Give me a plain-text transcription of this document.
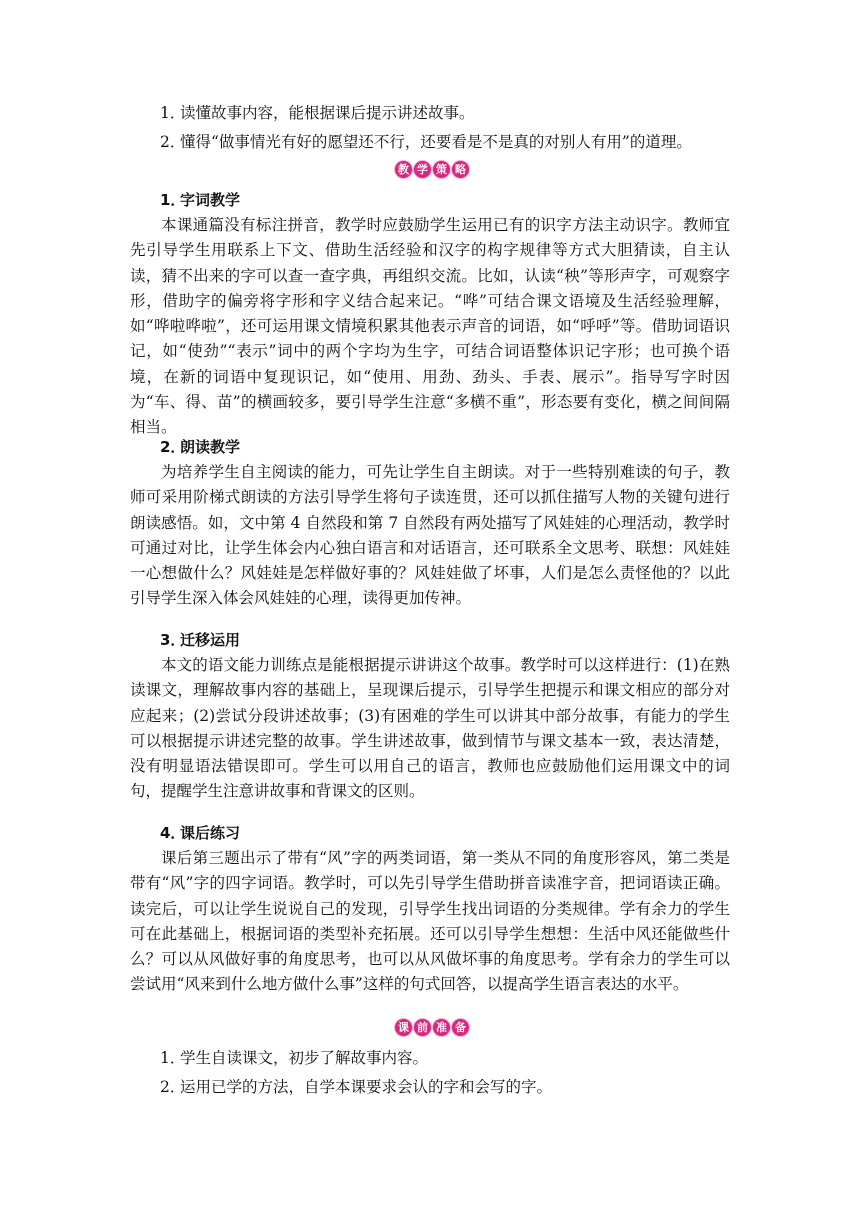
1．
读懂故事内容，能根据课后提示讲述故事。
2．
懂得“做事情光有好的愿望还不行，还要看是不是真的对别人有用”的道理。
教 学 策 略
1．
字词教学
本课通篇没有标注拼音，教学时应鼓励学生运用已有的识字方法主动识字。教师宜先引导学生用联系上下文、借助生活经验和汉字的构字规律等方式大胆猜读，自主认读，猜不出来的字可以查一查字典，再组织交流。比如，认读“秧”等形声字，可观察字形，借助字的偏旁将字形和字义结合起来记。“哗”可结合课文语境及生活经验理解，如“哗啦哗啦”，还可运用课文情境积累其他表示声音的词语，如“呼呼”等。借助词语识记，如“使劲”“表示”词中的两个字均为生字，可结合词语整体识记字形；也可换个语境，在新的词语中复现识记，如“使用、用劲、劲头、手表、展示”。指导写字时因为“车、得、苗”的横画较多，要引导学生注意“多横不重”，形态要有变化，横之间间隔相当。
2．
朗读教学
为培养学生自主阅读的能力，可先让学生自主朗读。对于一些特别难读的句子，教师可采用阶梯式朗读的方法引导学生将句子读连贯，还可以抓住描写人物的关键句进行朗读感悟。如，文中第 4 自然段和第 7 自然段有两处描写了风娃娃的心理活动，教学时可通过对比，让学生体会内心独白语言和对话语言，还可联系全文思考、联想：风娃娃一心想做什么？风娃娃是怎样做好事的？风娃娃做了坏事，人们是怎么责怪他的？以此引导学生深入体会风娃娃的心理，读得更加传神。
3．
迁移运用
本文的语文能力训练点是能根据提示讲讲这个故事。教学时可以这样进行：(1)在熟读课文，理解故事内容的基础上，呈现课后提示，引导学生把提示和课文相应的部分对应起来；(2)尝试分段讲述故事；(3)有困难的学生可以讲其中部分故事，有能力的学生可以根据提示讲述完整的故事。学生讲述故事，做到情节与课文基本一致，表达清楚，没有明显语法错误即可。学生可以用自己的语言，教师也应鼓励他们运用课文中的词句，提醒学生注意讲故事和背课文的区则。
4．
课后练习
课后第三题出示了带有“风”字的两类词语，第一类从不同的角度形容风，第二类是带有“风”字的四字词语。教学时，可以先引导学生借助拼音读准字音，把词语读正确。读完后，可以让学生说说自己的发现，引导学生找出词语的分类规律。学有余力的学生可在此基础上，根据词语的类型补充拓展。还可以引导学生想想：生活中风还能做些什么？可以从风做好事的角度思考，也可以从风做坏事的角度思考。学有余力的学生可以尝试用“风来到什么地方做什么事”这样的句式回答，以提高学生语言表达的水平。
课 前 准 备
1．
学生自读课文，初步了解故事内容。
2．
运用已学的方法，自学本课要求会认的字和会写的字。
